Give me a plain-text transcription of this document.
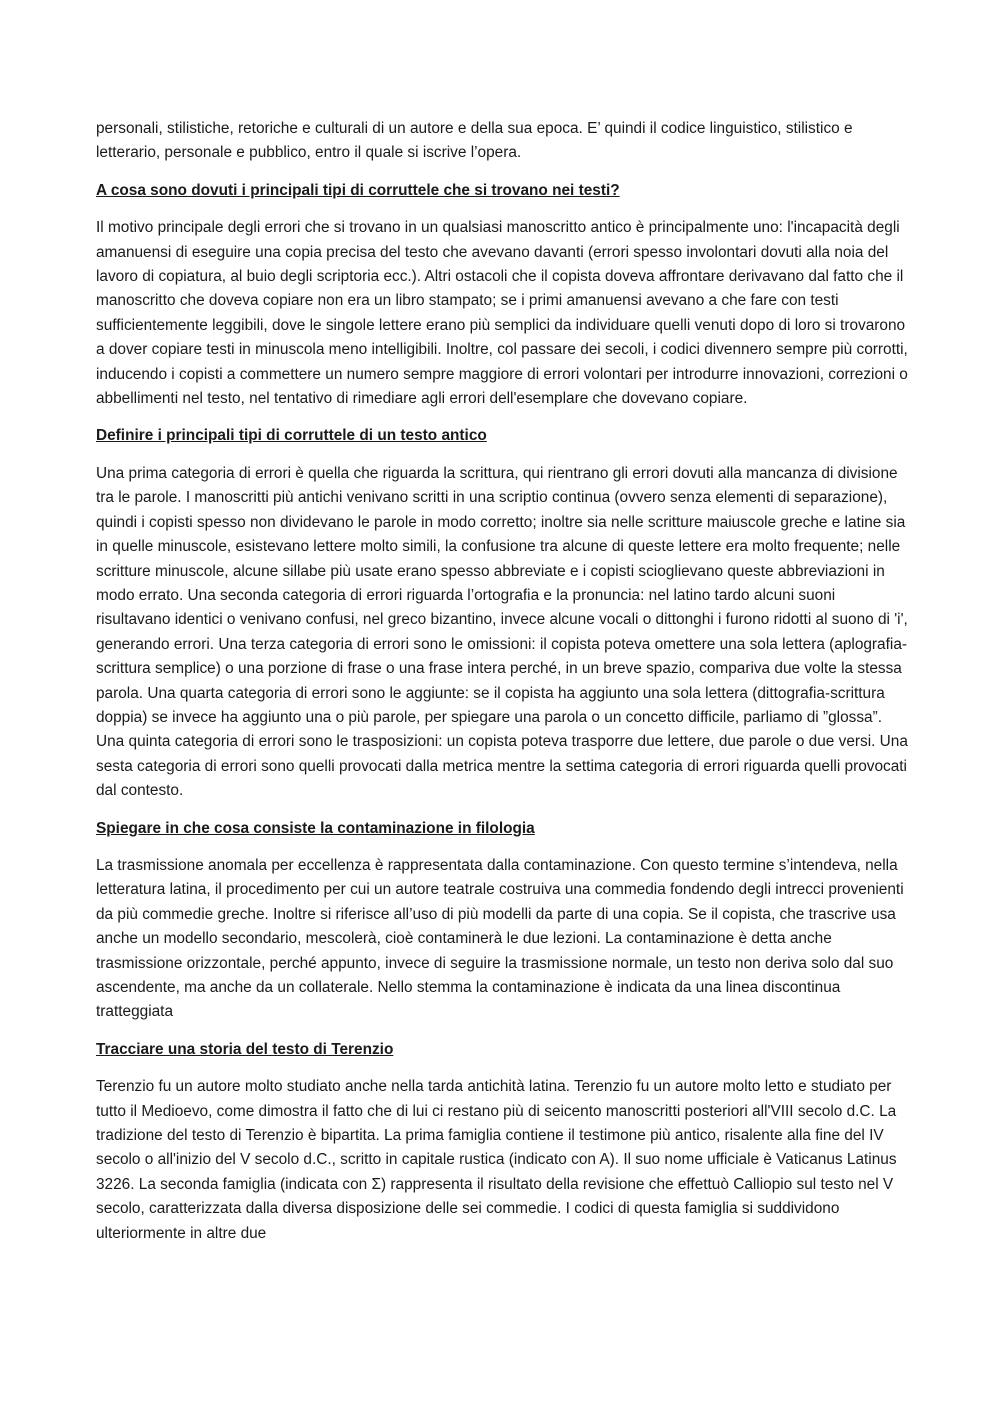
personali, stilistiche, retoriche e culturali di un autore e della sua epoca. E’ quindi il codice linguistico, stilistico e letterario, personale e pubblico, entro il quale si iscrive l’opera.

A cosa sono dovuti i principali tipi di corruttele che si trovano nei testi?

Il motivo principale degli errori che si trovano in un qualsiasi manoscritto antico è principalmente uno: l'incapacità degli amanuensi di eseguire una copia precisa del testo che avevano davanti (errori spesso involontari dovuti alla noia del lavoro di copiatura, al buio degli scriptoria ecc.). Altri ostacoli che il copista doveva affrontare derivavano dal fatto che il manoscritto che doveva copiare non era un libro stampato; se i primi amanuensi avevano a che fare con testi sufficientemente leggibili, dove le singole lettere erano più semplici da individuare quelli venuti dopo di loro si trovarono a dover copiare testi in minuscola meno intelligibili. Inoltre, col passare dei secoli, i codici divennero sempre più corrotti, inducendo i copisti a commettere un numero sempre maggiore di errori volontari per introdurre innovazioni, correzioni o abbellimenti nel testo, nel tentativo di rimediare agli errori dell'esemplare che dovevano copiare.

Definire i principali tipi di corruttele di un testo antico

Una prima categoria di errori è quella che riguarda la scrittura, qui rientrano gli errori dovuti alla mancanza di divisione tra le parole. I manoscritti più antichi venivano scritti in una scriptio continua (ovvero senza elementi di separazione), quindi i copisti spesso non dividevano le parole in modo corretto; inoltre sia nelle scritture maiuscole greche e latine sia in quelle minuscole, esistevano lettere molto simili, la confusione tra alcune di queste lettere era molto frequente; nelle scritture minuscole, alcune sillabe più usate erano spesso abbreviate e i copisti scioglievano queste abbreviazioni in modo errato. Una seconda categoria di errori riguarda l’ortografia e la pronuncia: nel latino tardo alcuni suoni risultavano identici o venivano confusi, nel greco bizantino, invece alcune vocali o dittonghi i furono ridotti al suono di 'i', generando errori. Una terza categoria di errori sono le omissioni: il copista poteva omettere una sola lettera (aplografia-scrittura semplice) o una porzione di frase o una frase intera perché, in un breve spazio, compariva due volte la stessa parola. Una quarta categoria di errori sono le aggiunte: se il copista ha aggiunto una sola lettera (dittografia-scrittura doppia) se invece ha aggiunto una o più parole, per spiegare una parola o un concetto difficile, parliamo di ”glossa”. Una quinta categoria di errori sono le trasposizioni: un copista poteva trasporre due lettere, due parole o due versi. Una sesta categoria di errori sono quelli provocati dalla metrica mentre la settima categoria di errori riguarda quelli provocati dal contesto.

Spiegare in che cosa consiste la contaminazione in filologia

La trasmissione anomala per eccellenza è rappresentata dalla contaminazione. Con questo termine s’intendeva, nella letteratura latina, il procedimento per cui un autore teatrale costruiva una commedia fondendo degli intrecci provenienti da più commedie greche. Inoltre si riferisce all’uso di più modelli da parte di una copia. Se il copista, che trascrive usa anche un modello secondario, mescolerà, cioè contaminerà le due lezioni. La contaminazione è detta anche trasmissione orizzontale, perché appunto, invece di seguire la trasmissione normale, un testo non deriva solo dal suo ascendente, ma anche da un collaterale. Nello stemma la contaminazione è indicata da una linea discontinua tratteggiata

Tracciare una storia del testo di Terenzio

Terenzio fu un autore molto studiato anche nella tarda antichità latina. Terenzio fu un autore molto letto e studiato per tutto il Medioevo, come dimostra il fatto che di lui ci restano più di seicento manoscritti posteriori all'VIII secolo d.C. La tradizione del testo di Terenzio è bipartita. La prima famiglia contiene il testimone più antico, risalente alla fine del IV secolo o all'inizio del V secolo d.C., scritto in capitale rustica (indicato con A). Il suo nome ufficiale è Vaticanus Latinus 3226. La seconda famiglia (indicata con Σ) rappresenta il risultato della revisione che effettuò Calliopio sul testo nel V secolo, caratterizzata dalla diversa disposizione delle sei commedie. I codici di questa famiglia si suddividono ulteriormente in altre due
